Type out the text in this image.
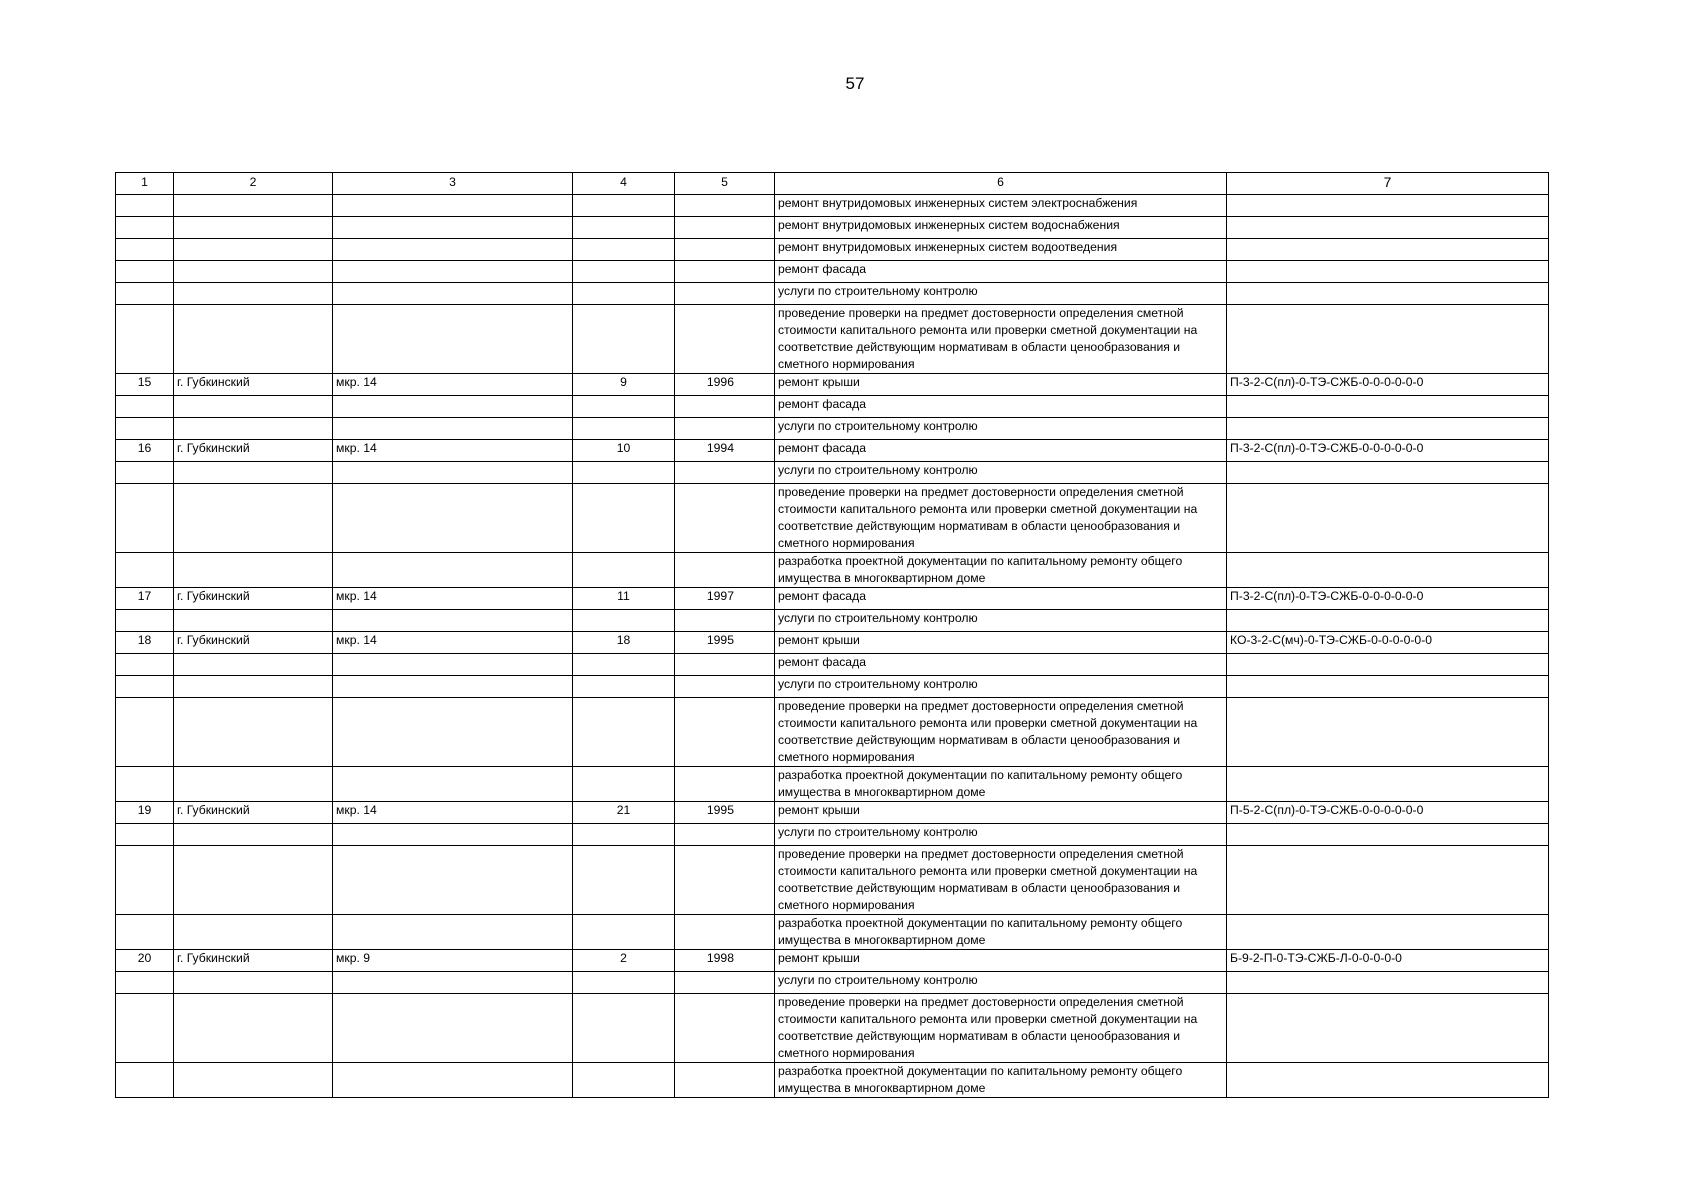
57
1	2	3	4	5	6	7
					ремонт внутридомовых инженерных систем электроснабжения	
					ремонт внутридомовых инженерных систем водоснабжения	
					ремонт внутридомовых инженерных систем водоотведения	
					ремонт фасада	
					услуги по строительному контролю	
					проведение проверки на предмет достоверности определения сметной стоимости капитального ремонта или проверки сметной документации на соответствие действующим нормативам в области ценообразования и сметного нормирования	
15	г. Губкинский	мкр. 14	9	1996	ремонт крыши	П-3-2-С(пл)-0-ТЭ-СЖБ-0-0-0-0-0-0
					ремонт фасада	
					услуги по строительному контролю	
16	г. Губкинский	мкр. 14	10	1994	ремонт фасада	П-3-2-С(пл)-0-ТЭ-СЖБ-0-0-0-0-0-0
					услуги по строительному контролю	
					проведение проверки на предмет достоверности определения сметной стоимости капитального ремонта или проверки сметной документации на соответствие действующим нормативам в области ценообразования и сметного нормирования	
					разработка проектной документации по капитальному ремонту общего имущества в многоквартирном доме	
17	г. Губкинский	мкр. 14	11	1997	ремонт фасада	П-3-2-С(пл)-0-ТЭ-СЖБ-0-0-0-0-0-0
					услуги по строительному контролю	
18	г. Губкинский	мкр. 14	18	1995	ремонт крыши	КО-3-2-С(мч)-0-ТЭ-СЖБ-0-0-0-0-0-0
					ремонт фасада	
					услуги по строительному контролю	
					проведение проверки на предмет достоверности определения сметной стоимости капитального ремонта или проверки сметной документации на соответствие действующим нормативам в области ценообразования и сметного нормирования	
					разработка проектной документации по капитальному ремонту общего имущества в многоквартирном доме	
19	г. Губкинский	мкр. 14	21	1995	ремонт крыши	П-5-2-С(пл)-0-ТЭ-СЖБ-0-0-0-0-0-0
					услуги по строительному контролю	
					проведение проверки на предмет достоверности определения сметной стоимости капитального ремонта или проверки сметной документации на соответствие действующим нормативам в области ценообразования и сметного нормирования	
					разработка проектной документации по капитальному ремонту общего имущества в многоквартирном доме	
20	г. Губкинский	мкр. 9	2	1998	ремонт крыши	Б-9-2-П-0-ТЭ-СЖБ-Л-0-0-0-0-0
					услуги по строительному контролю	
					проведение проверки на предмет достоверности определения сметной стоимости капитального ремонта или проверки сметной документации на соответствие действующим нормативам в области ценообразования и сметного нормирования	
					разработка проектной документации по капитальному ремонту общего имущества в многоквартирном доме	
